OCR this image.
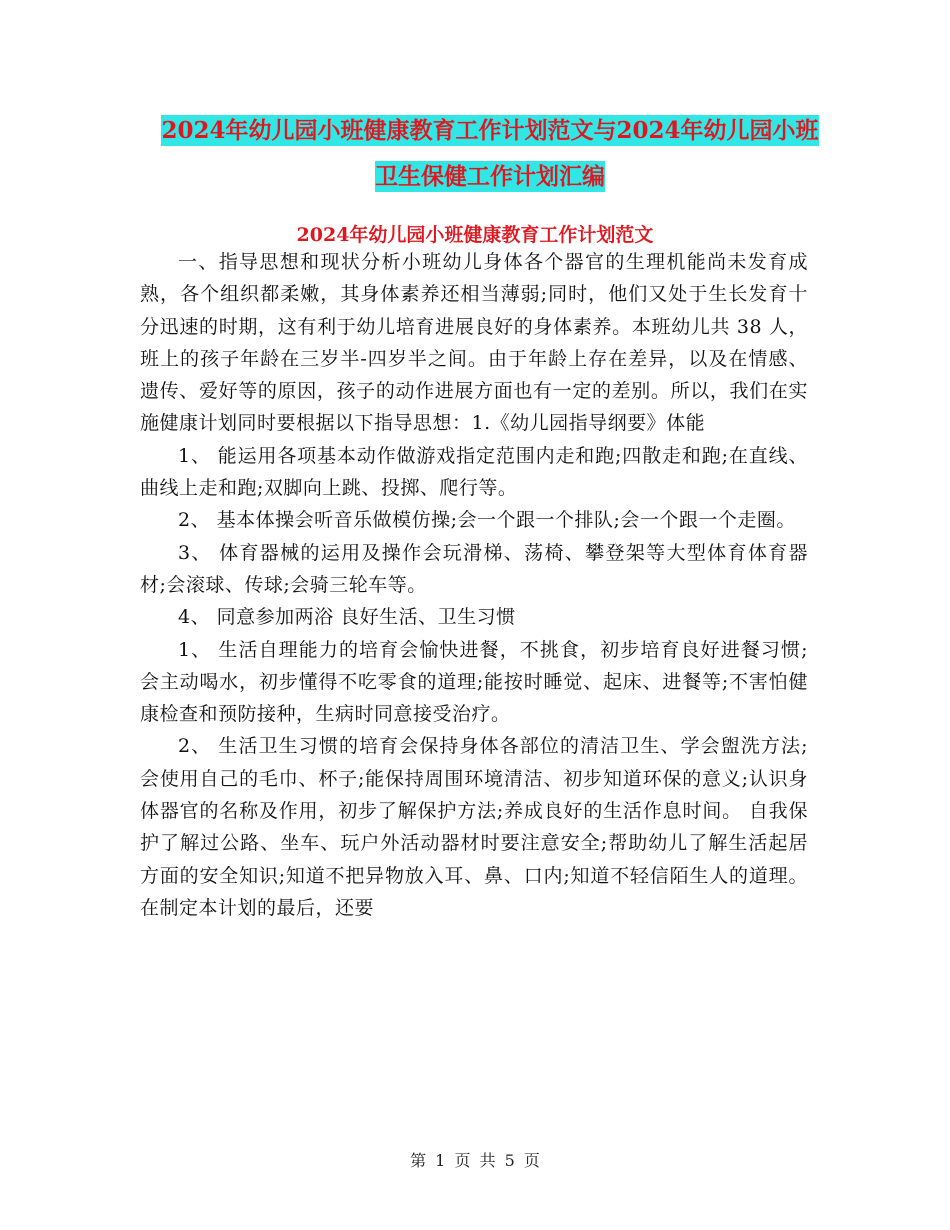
2024年幼儿园小班健康教育工作计划范文与2024年幼儿园小班卫生保健工作计划汇编
2024年幼儿园小班健康教育工作计划范文

一、指导思想和现状分析小班幼儿身体各个器官的生理机能尚未发育成熟，各个组织都柔嫩，其身体素养还相当薄弱;同时，他们又处于生长发育十分迅速的时期，这有利于幼儿培育进展良好的身体素养。本班幼儿共 38 人，班上的孩子年龄在三岁半-四岁半之间。由于年龄上存在差异，以及在情感、遗传、爱好等的原因，孩子的动作进展方面也有一定的差别。所以，我们在实施健康计划同时要根据以下指导思想：1.《幼儿园指导纲要》体能

1、 能运用各项基本动作做游戏指定范围内走和跑;四散走和跑;在直线、曲线上走和跑;双脚向上跳、投掷、爬行等。

2、 基本体操会听音乐做模仿操;会一个跟一个排队;会一个跟一个走圈。

3、 体育器械的运用及操作会玩滑梯、荡椅、攀登架等大型体育体育器材;会滚球、传球;会骑三轮车等。

4、 同意参加两浴 良好生活、卫生习惯

1、 生活自理能力的培育会愉快进餐，不挑食，初步培育良好进餐习惯;会主动喝水，初步懂得不吃零食的道理;能按时睡觉、起床、进餐等;不害怕健康检查和预防接种，生病时同意接受治疗。

2、 生活卫生习惯的培育会保持身体各部位的清洁卫生、学会盥洗方法;会使用自己的毛巾、杯子;能保持周围环境清洁、初步知道环保的意义;认识身体器官的名称及作用，初步了解保护方法;养成良好的生活作息时间。 自我保护了解过公路、坐车、玩户外活动器材时要注意安全;帮助幼儿了解生活起居方面的安全知识;知道不把异物放入耳、鼻、口内;知道不轻信陌生人的道理。在制定本计划的最后，还要

第 1 页 共 5 页
